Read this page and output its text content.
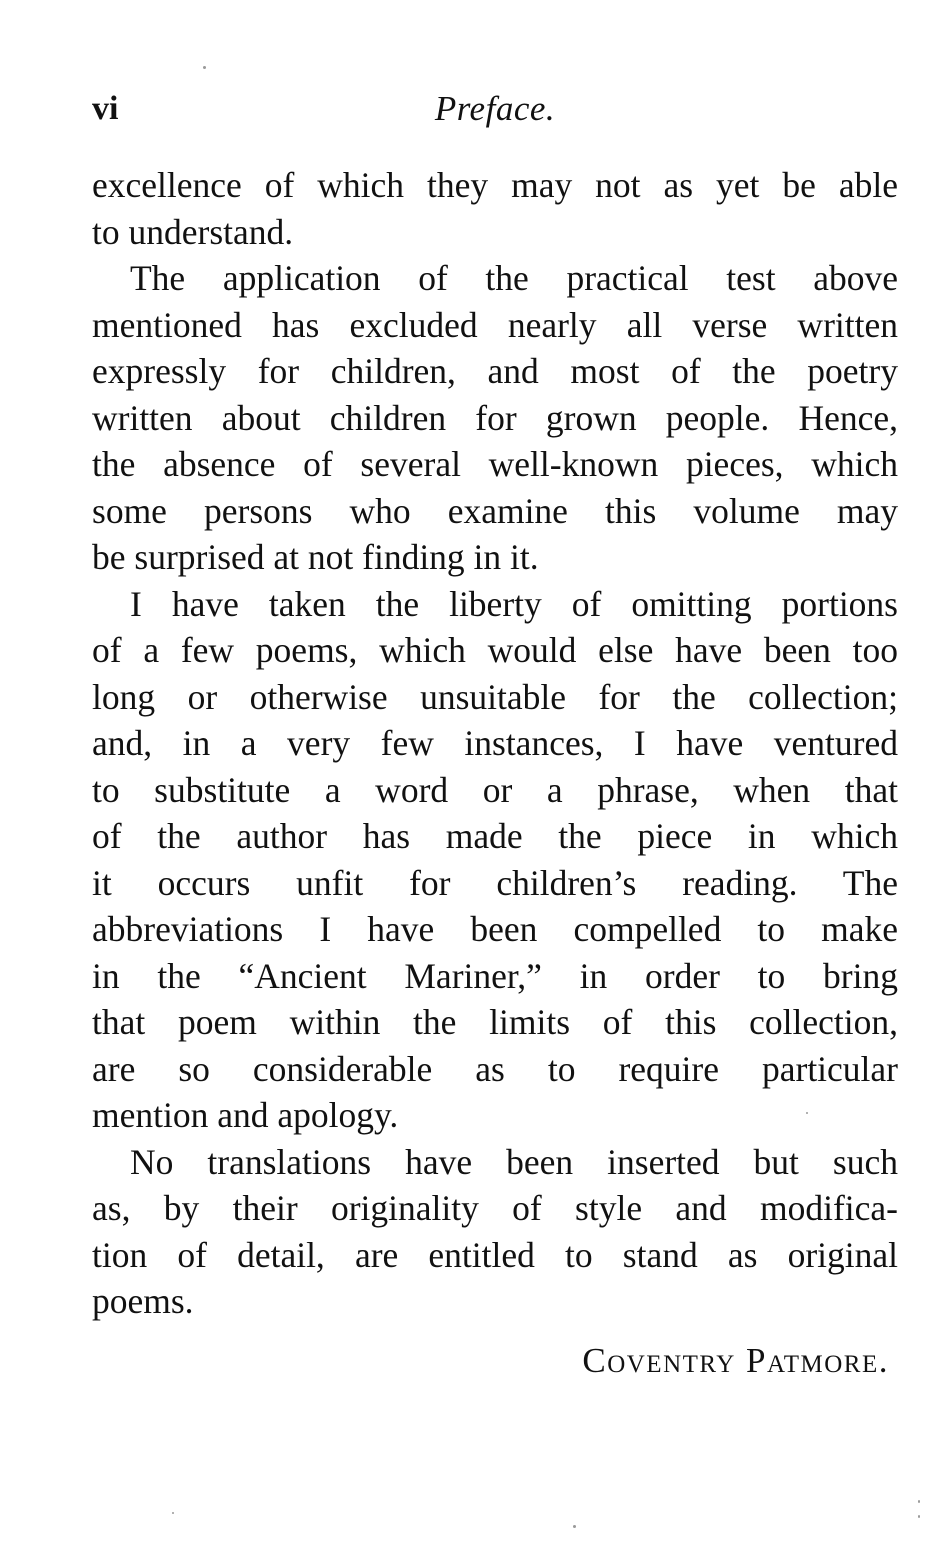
vi	Preface.
excellence of which they may not as yet be able
to understand.
The application of the practical test above
mentioned has excluded nearly all verse written
expressly for children, and most of the poetry
written about children for grown people. Hence,
the absence of several well-known pieces, which
some persons who examine this volume may
be surprised at not finding in it.
I have taken the liberty of omitting portions
of a few poems, which would else have been too
long or otherwise unsuitable for the collection;
and, in a very few instances, I have ventured
to substitute a word or a phrase, when that
of the author has made the piece in which
it occurs unfit for children’s reading. The
abbreviations I have been compelled to make
in the “Ancient Mariner,” in order to bring
that poem within the limits of this collection,
are so considerable as to require particular
mention and apology.
No translations have been inserted but such
as, by their originality of style and modifica-
tion of detail, are entitled to stand as original
poems.
Coventry Patmore.
